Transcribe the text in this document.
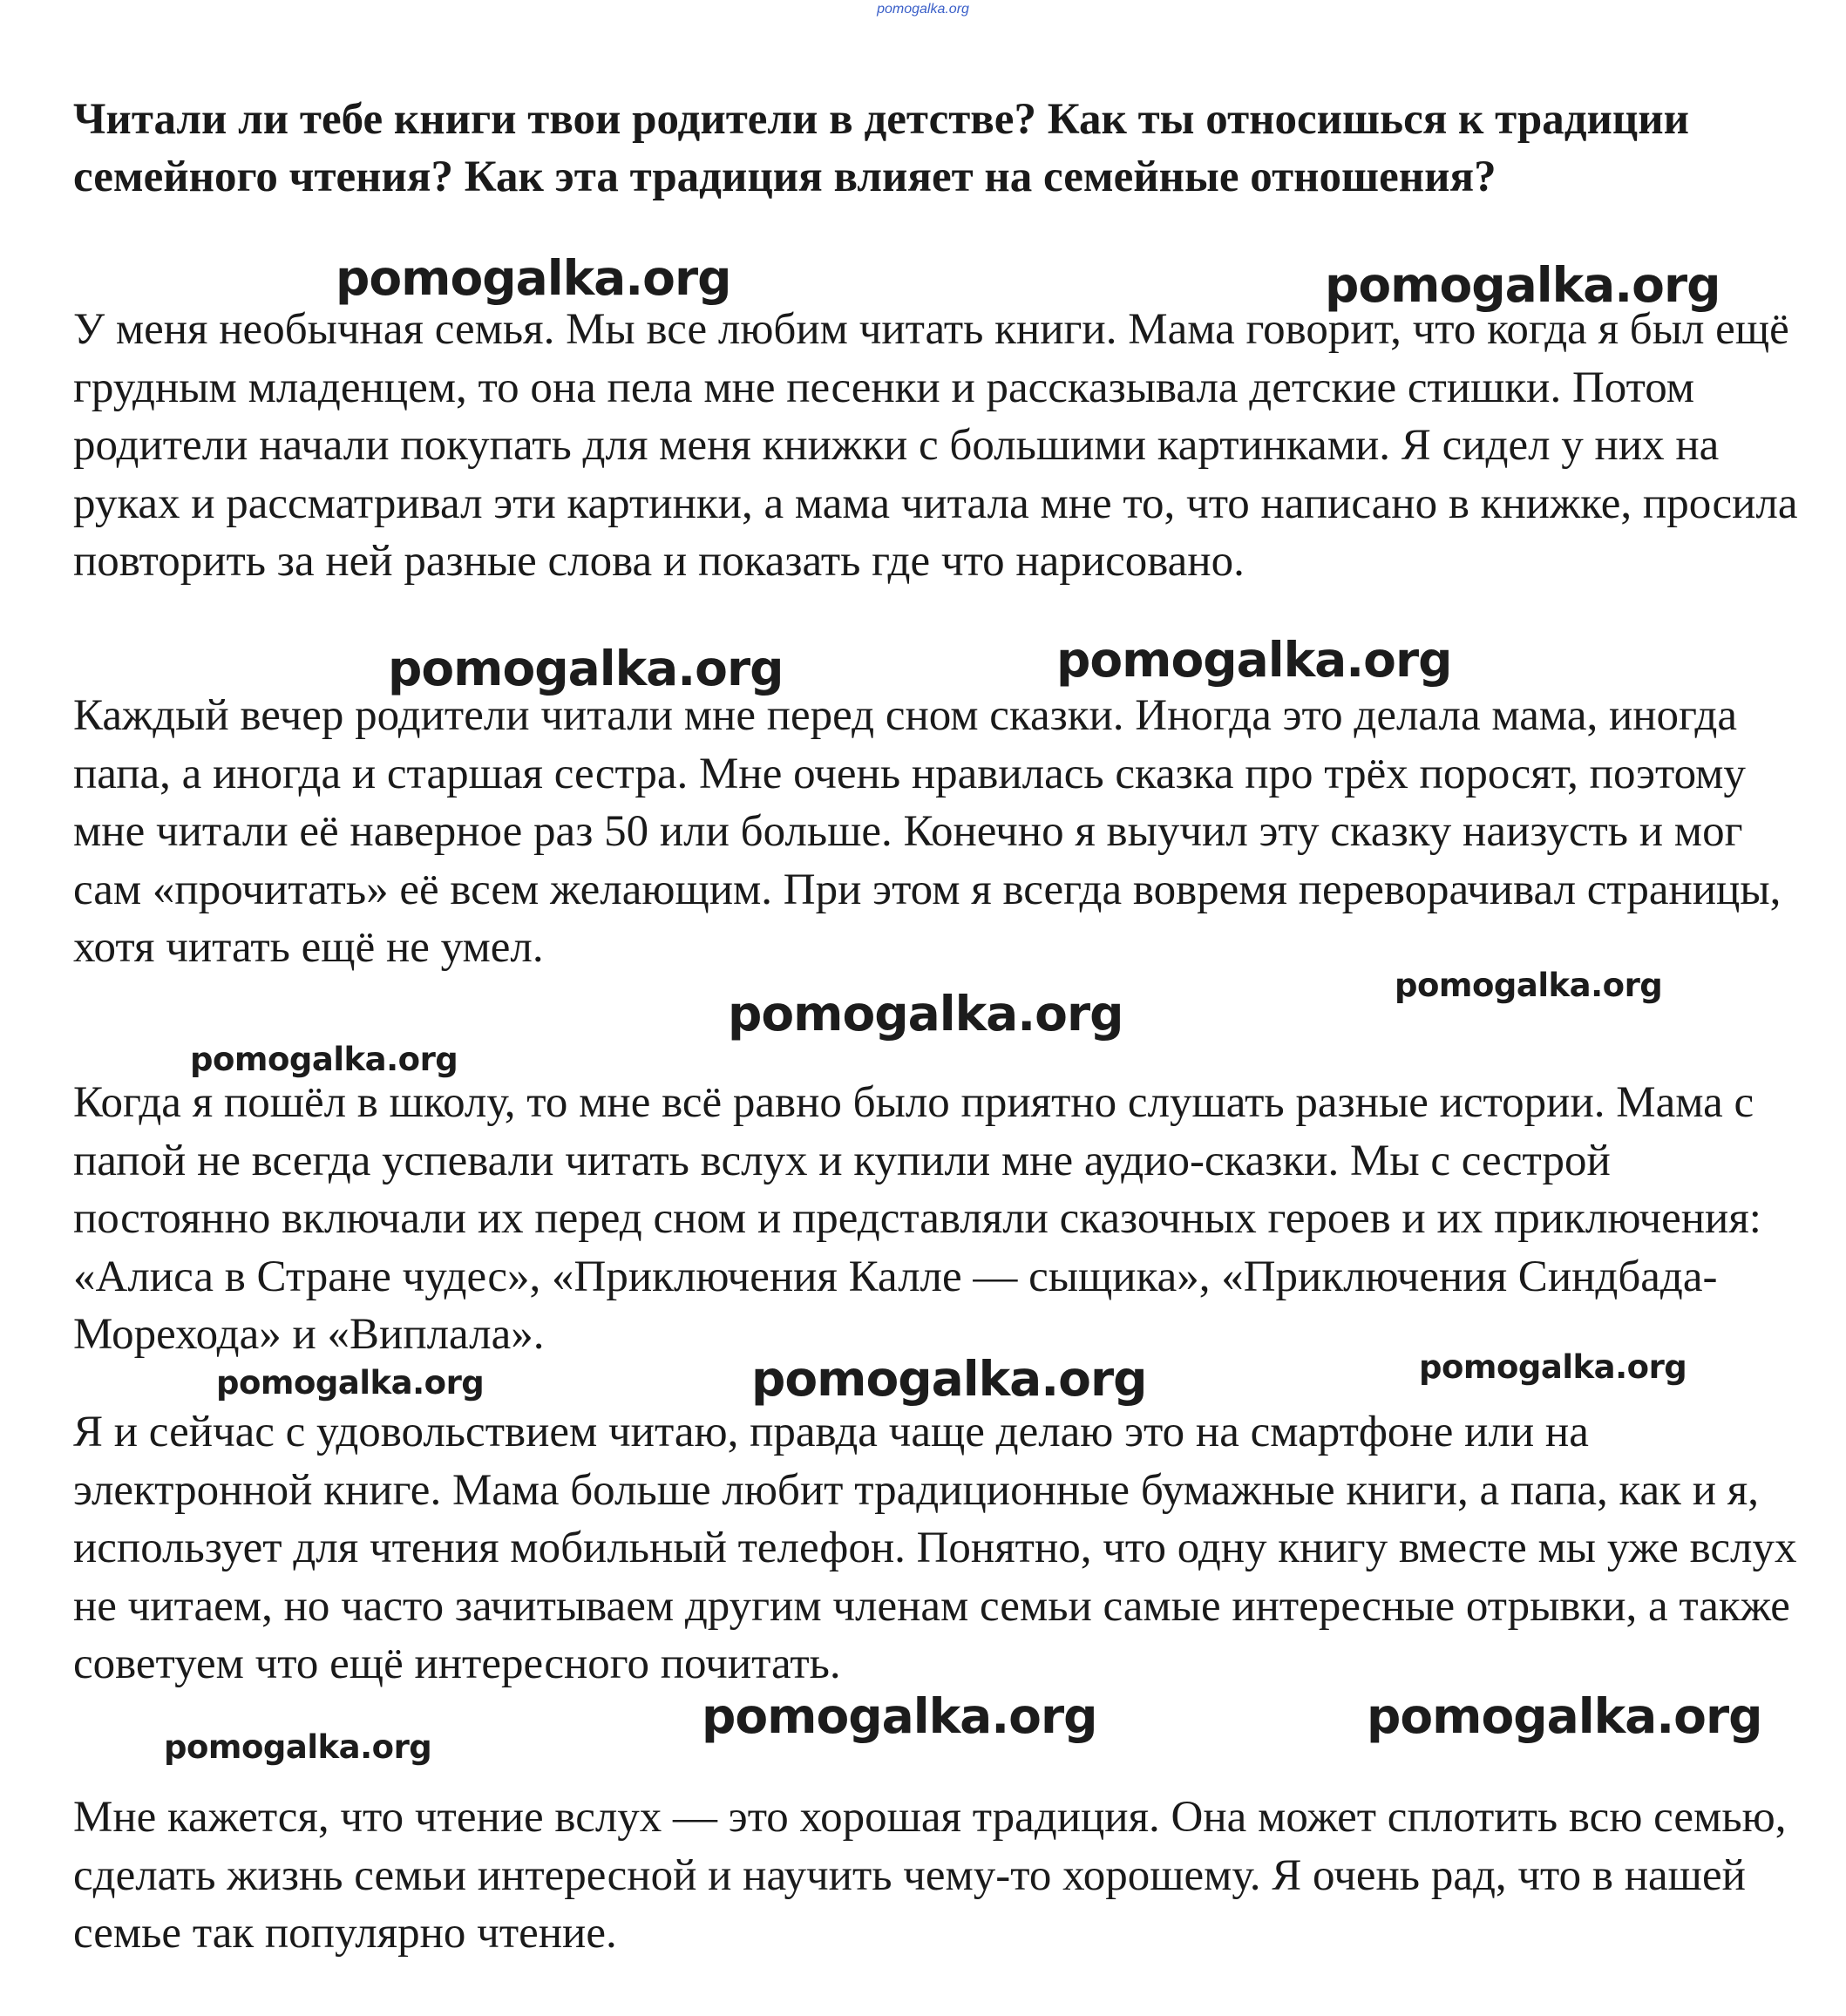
pomogalka.org

Читали ли тебе книги твои родители в детстве? Как ты относишься к традиции семейного чтения? Как эта традиция влияет на семейные отношения?

У меня необычная семья. Мы все любим читать книги. Мама говорит, что когда я был ещё грудным младенцем, то она пела мне песенки и рассказывала детские стишки. Потом родители начали покупать для меня книжки с большими картинками. Я сидел у них на руках и рассматривал эти картинки, а мама читала мне то, что написано в книжке, просила повторить за ней разные слова и показать где что нарисовано.

Каждый вечер родители читали мне перед сном сказки. Иногда это делала мама, иногда папа, а иногда и старшая сестра. Мне очень нравилась сказка про трёх поросят, поэтому мне читали её наверное раз 50 или больше. Конечно я выучил эту сказку наизусть и мог сам «прочитать» её всем желающим. При этом я всегда вовремя переворачивал страницы, хотя читать ещё не умел.

Когда я пошёл в школу, то мне всё равно было приятно слушать разные истории. Мама с папой не всегда успевали читать вслух и купили мне аудио-сказки. Мы с сестрой постоянно включали их перед сном и представляли сказочных героев и их приключения: «Алиса в Стране чудес», «Приключения Калле — сыщика», «Приключения Синдбада-Морехода» и «Виплала».

Я и сейчас с удовольствием читаю, правда чаще делаю это на смартфоне или на электронной книге. Мама больше любит традиционные бумажные книги, а папа, как и я, использует для чтения мобильный телефон. Понятно, что одну книгу вместе мы уже вслух не читаем, но часто зачитываем другим членам семьи самые интересные отрывки, а также советуем что ещё интересного почитать.

Мне кажется, что чтение вслух — это хорошая традиция. Она может сплотить всю семью, сделать жизнь семьи интересной и научить чему-то хорошему. Я очень рад, что в нашей семье так популярно чтение.

pomogalka.org	pomogalka.org
pomogalka.org	pomogalka.org
pomogalka.org
pomogalka.org
pomogalka.org
pomogalka.org	pomogalka.org	pomogalka.org
pomogalka.org	pomogalka.org
pomogalka.org
